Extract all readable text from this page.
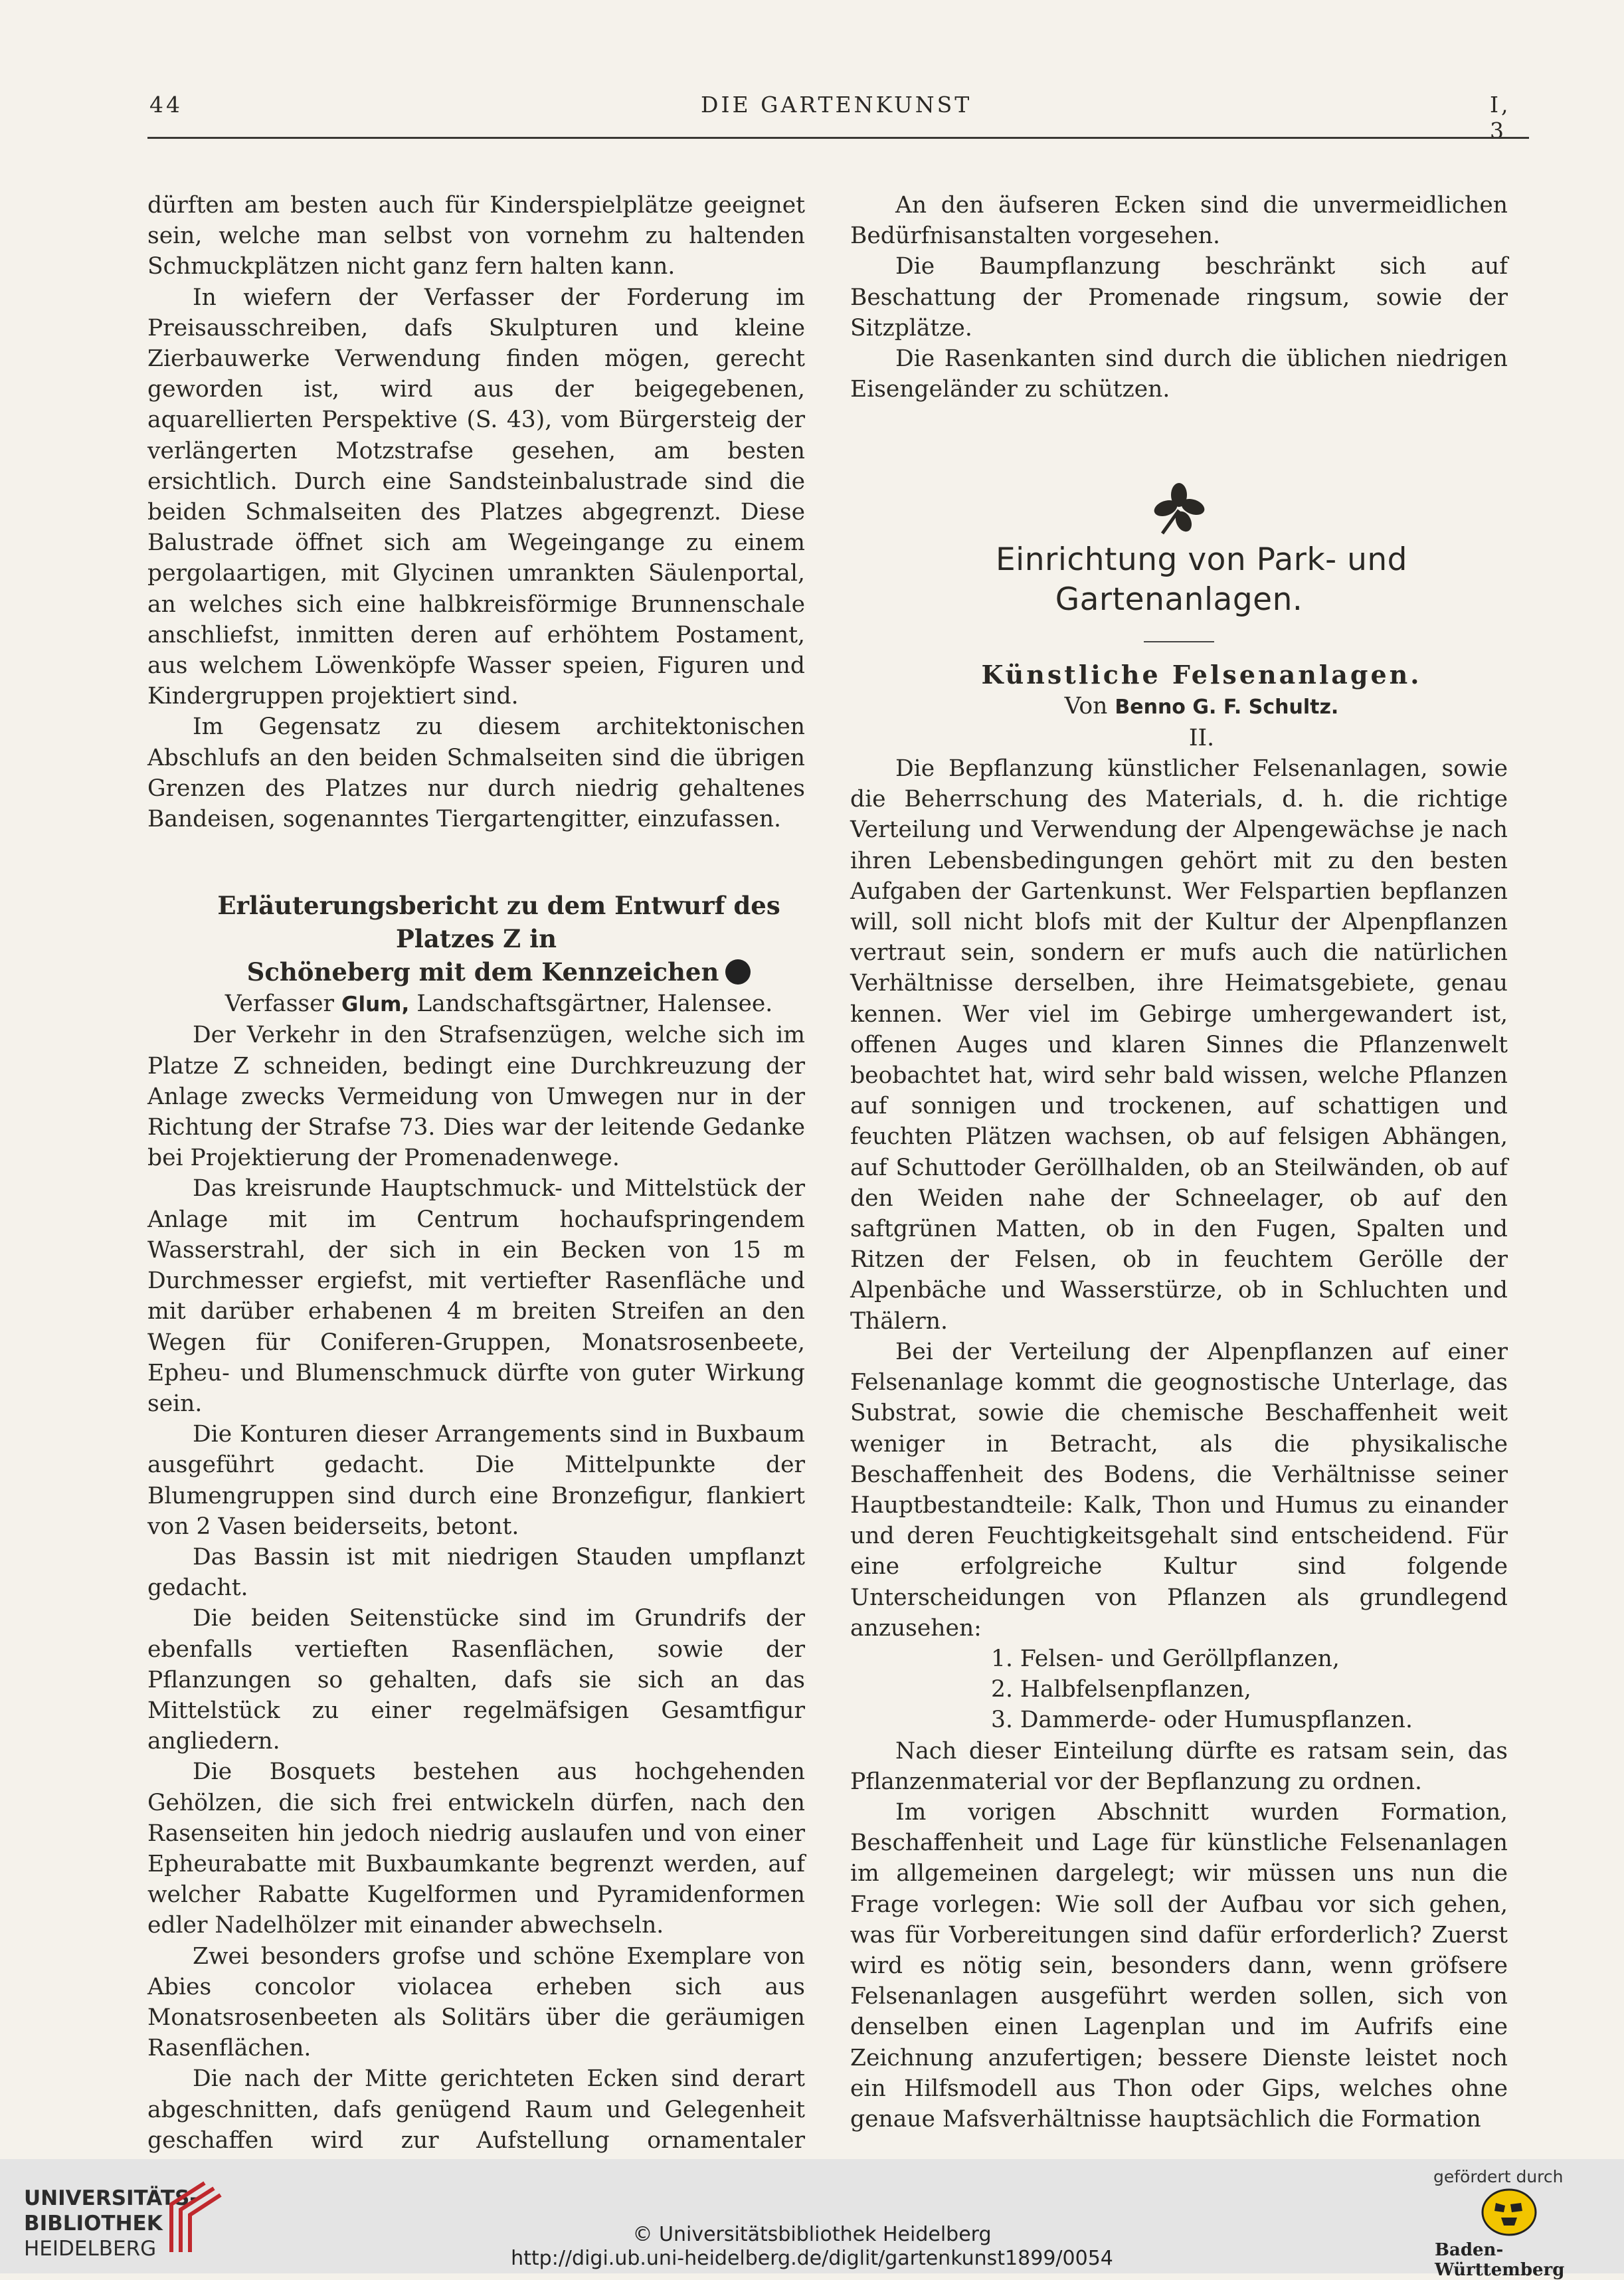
44	DIE GARTENKUNST	I, 3

dürften am besten auch für Kinderspielplätze geeignet sein, welche man selbst von vornehm zu haltenden Schmuckplätzen nicht ganz fern halten kann.

In wiefern der Verfasser der Forderung im Preisausschreiben, dafs Skulpturen und kleine Zierbauwerke Verwendung finden mögen, gerecht geworden ist, wird aus der beigegebenen, aquarellierten Perspektive (S. 43), vom Bürgersteig der verlängerten Motzstrafse gesehen, am besten ersichtlich. Durch eine Sandsteinbalustrade sind die beiden Schmalseiten des Platzes abgegrenzt. Diese Balustrade öffnet sich am Wegeingange zu einem pergolaartigen, mit Glycinen umrankten Säulenportal, an welches sich eine halbkreisförmige Brunnenschale anschliefst, inmitten deren auf erhöhtem Postament, aus welchem Löwenköpfe Wasser speien, Figuren und Kindergruppen projektiert sind.

Im Gegensatz zu diesem architektonischen Abschlufs an den beiden Schmalseiten sind die übrigen Grenzen des Platzes nur durch niedrig gehaltenes Bandeisen, sogenanntes Tiergartengitter, einzufassen.

Erläuterungsbericht zu dem Entwurf des Platzes Z in

Schöneberg mit dem Kennzeichen

Verfasser Glum, Landschaftsgärtner, Halensee.

Der Verkehr in den Strafsenzügen, welche sich im Platze Z schneiden, bedingt eine Durchkreuzung der Anlage zwecks Vermeidung von Umwegen nur in der Richtung der Strafse 73. Dies war der leitende Gedanke bei Projektierung der Promenadenwege.

Das kreisrunde Hauptschmuck- und Mittelstück der Anlage mit im Centrum hochaufspringendem Wasserstrahl, der sich in ein Becken von 15 m Durchmesser ergiefst, mit vertiefter Rasenfläche und mit darüber erhabenen 4 m breiten Streifen an den Wegen für Coniferen-Gruppen, Monatsrosenbeete, Epheu- und Blumenschmuck dürfte von guter Wirkung sein.

Die Konturen dieser Arrangements sind in Buxbaum ausgeführt gedacht. Die Mittelpunkte der Blumengruppen sind durch eine Bronzefigur, flankiert von 2 Vasen beiderseits, betont.

Das Bassin ist mit niedrigen Stauden umpflanzt gedacht.

Die beiden Seitenstücke sind im Grundrifs der ebenfalls vertieften Rasenflächen, sowie der Pflanzungen so gehalten, dafs sie sich an das Mittelstück zu einer regelmäfsigen Gesamtfigur angliedern.

Die Bosquets bestehen aus hochgehenden Gehölzen, die sich frei entwickeln dürfen, nach den Rasenseiten hin jedoch niedrig auslaufen und von einer Epheurabatte mit Buxbaumkante begrenzt werden, auf welcher Rabatte Kugelformen und Pyramidenformen edler Nadelhölzer mit einander abwechseln.

Zwei besonders grofse und schöne Exemplare von Abies concolor violacea erheben sich aus Monatsrosenbeeten als Solitärs über die geräumigen Rasenflächen.

Die nach der Mitte gerichteten Ecken sind derart abgeschnitten, dafs genügend Raum und Gelegenheit geschaffen wird zur Aufstellung ornamentaler

An den äufseren Ecken sind die unvermeidlichen Bedürfnisanstalten vorgesehen.

Die Baumpflanzung beschränkt sich auf Beschattung der Promenade ringsum, sowie der Sitzplätze.

Die Rasenkanten sind durch die üblichen niedrigen Eisengeländer zu schützen.

Einrichtung von Park- und Gartenanlagen.

Künstliche Felsenanlagen.

Von Benno G. F. Schultz.

II.

Die Bepflanzung künstlicher Felsenanlagen, sowie die Beherrschung des Materials, d. h. die richtige Verteilung und Verwendung der Alpengewächse je nach ihren Lebensbedingungen gehört mit zu den besten Aufgaben der Gartenkunst. Wer Felspartien bepflanzen will, soll nicht blofs mit der Kultur der Alpenpflanzen vertraut sein, sondern er mufs auch die natürlichen Verhältnisse derselben, ihre Heimatsgebiete, genau kennen. Wer viel im Gebirge umhergewandert ist, offenen Auges und klaren Sinnes die Pflanzenwelt beobachtet hat, wird sehr bald wissen, welche Pflanzen auf sonnigen und trockenen, auf schattigen und feuchten Plätzen wachsen, ob auf felsigen Abhängen, auf Schuttoder Geröllhalden, ob an Steilwänden, ob auf den Weiden nahe der Schneelager, ob auf den saftgrünen Matten, ob in den Fugen, Spalten und Ritzen der Felsen, ob in feuchtem Gerölle der Alpenbäche und Wasserstürze, ob in Schluchten und Thälern.

Bei der Verteilung der Alpenpflanzen auf einer Felsenanlage kommt die geognostische Unterlage, das Substrat, sowie die chemische Beschaffenheit weit weniger in Betracht, als die physikalische Beschaffenheit des Bodens, die Verhältnisse seiner Hauptbestandteile: Kalk, Thon und Humus zu einander und deren Feuchtigkeitsgehalt sind entscheidend. Für eine erfolgreiche Kultur sind folgende Unterscheidungen von Pflanzen als grundlegend anzusehen:

1. Felsen- und Geröllpflanzen,

2. Halbfelsenpflanzen,

3. Dammerde- oder Humuspflanzen.

Nach dieser Einteilung dürfte es ratsam sein, das Pflanzenmaterial vor der Bepflanzung zu ordnen.

Im vorigen Abschnitt wurden Formation, Beschaffenheit und Lage für künstliche Felsenanlagen im allgemeinen dargelegt; wir müssen uns nun die Frage vorlegen: Wie soll der Aufbau vor sich gehen, was für Vorbereitungen sind dafür erforderlich? Zuerst wird es nötig sein, besonders dann, wenn gröfsere Felsenanlagen ausgeführt werden sollen, sich von denselben einen Lagenplan und im Aufrifs eine Zeichnung anzufertigen; bessere Dienste leistet noch ein Hilfsmodell aus Thon oder Gips, welches ohne genaue Mafsverhältnisse hauptsächlich die Formation

UNIVERSITÄTS-
BIBLIOTHEK
HEIDELBERG
© Universitätsbibliothek Heidelberg
http://digi.ub.uni-heidelberg.de/diglit/gartenkunst1899/0054
gefördert durch
Baden-Württemberg
